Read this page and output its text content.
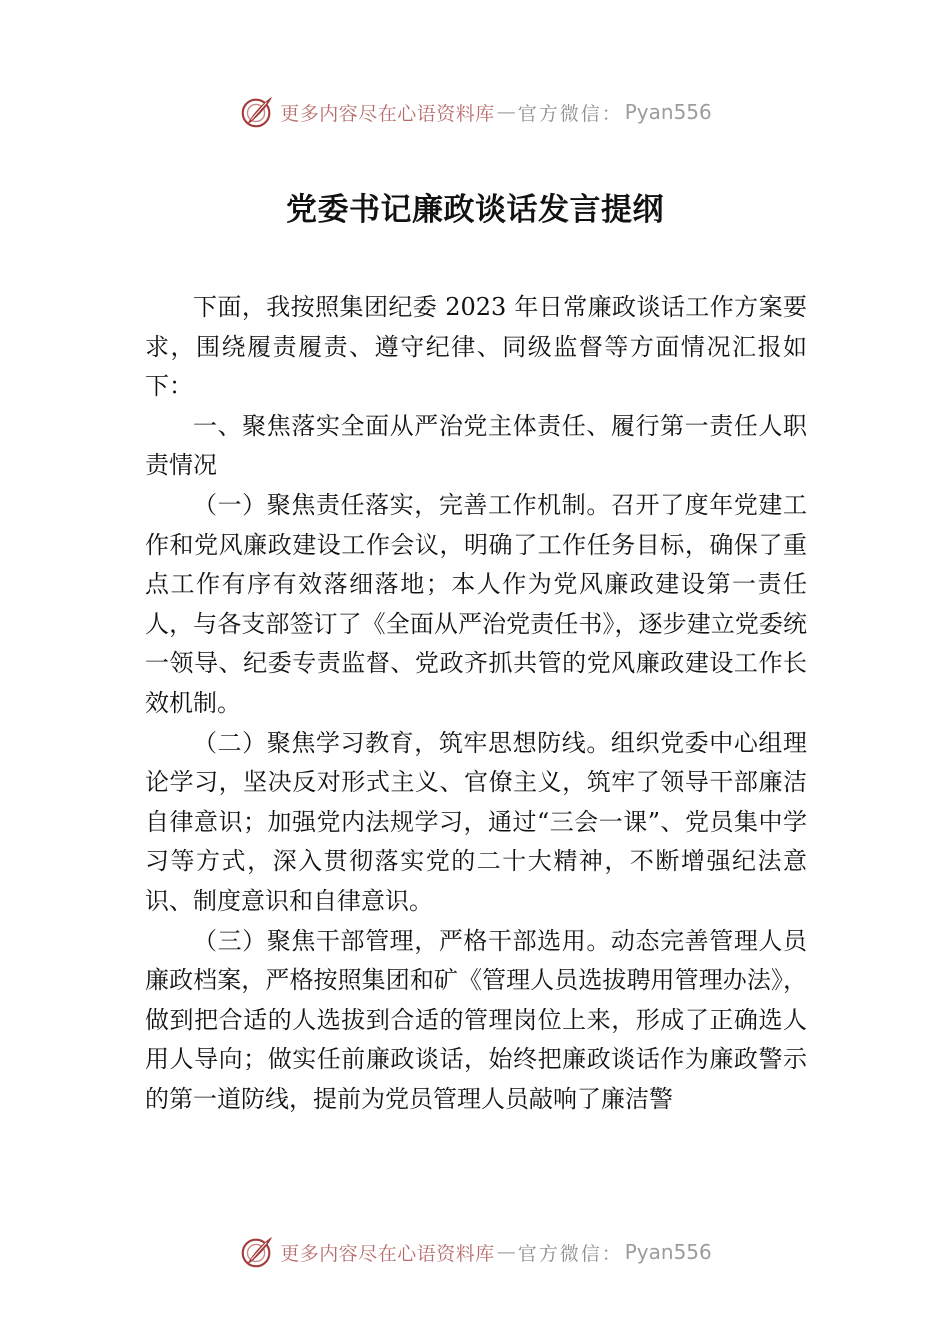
更多内容尽在心语资料库 — 官方微信： Pyan556
党委书记廉政谈话发言提纲

下面，我按照集团纪委 2023 年日常廉政谈话工作方案要求，围绕履责履责、遵守纪律、同级监督等方面情况汇报如下：

一、聚焦落实全面从严治党主体责任、履行第一责任人职责情况

（一）聚焦责任落实，完善工作机制。召开了度年党建工作和党风廉政建设工作会议，明确了工作任务目标，确保了重点工作有序有效落细落地；本人作为党风廉政建设第一责任人，与各支部签订了《全面从严治党责任书》，逐步建立党委统一领导、纪委专责监督、党政齐抓共管的党风廉政建设工作长效机制。

（二）聚焦学习教育，筑牢思想防线。组织党委中心组理论学习，坚决反对形式主义、官僚主义，筑牢了领导干部廉洁自律意识；加强党内法规学习，通过“三会一课”、党员集中学习等方式，深入贯彻落实党的二十大精神，不断增强纪法意识、制度意识和自律意识。

（三）聚焦干部管理，严格干部选用。动态完善管理人员廉政档案，严格按照集团和矿《管理人员选拔聘用管理办法》，做到把合适的人选拔到合适的管理岗位上来，形成了正确选人用人导向；做实任前廉政谈话，始终把廉政谈话作为廉政警示的第一道防线，提前为党员管理人员敲响了廉洁警

更多内容尽在心语资料库 — 官方微信： Pyan556
